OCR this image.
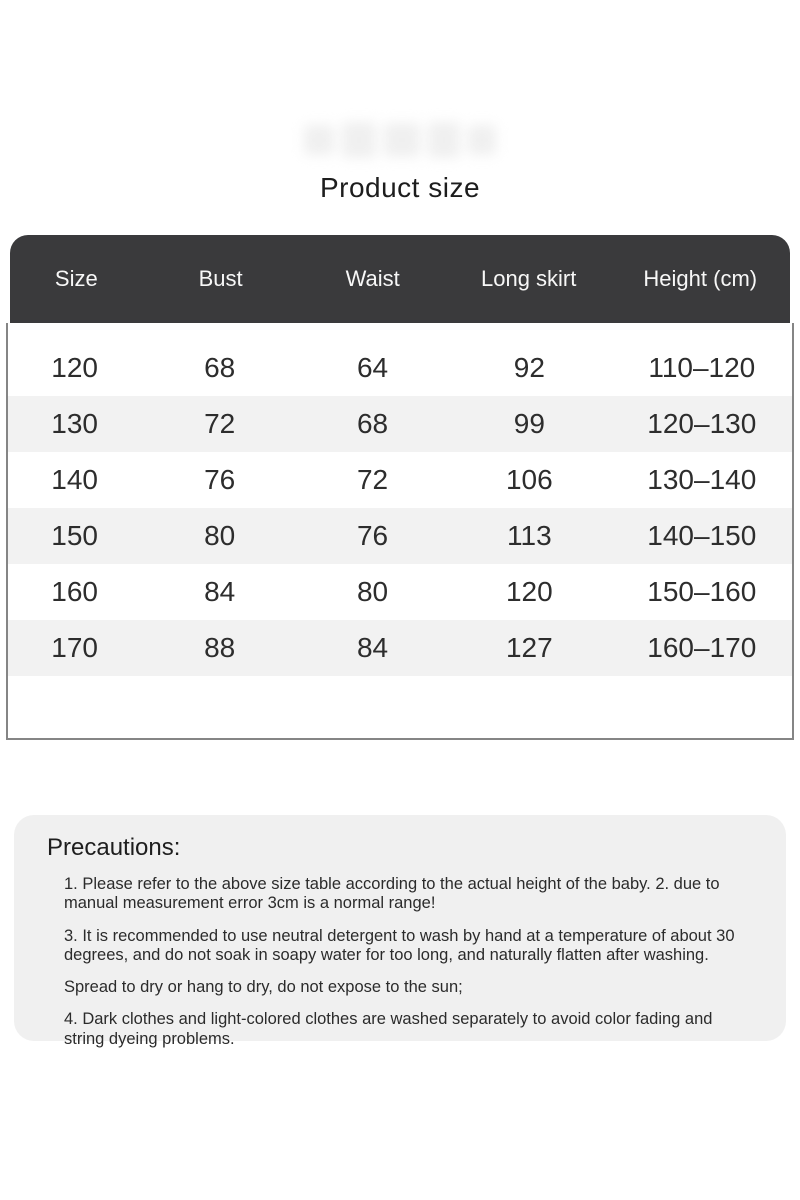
Product size
Size	Bust	Waist	Long skirt	Height (cm)
120	68	64	92	110–120
130	72	68	99	120–130
140	76	72	106	130–140
150	80	76	113	140–150
160	84	80	120	150–160
170	88	84	127	160–170
Precautions:

1. Please refer to the above size table according to the actual height of the baby. 2. due to manual measurement error 3cm is a normal range!

3. It is recommended to use neutral detergent to wash by hand at a temperature of about 30 degrees, and do not soak in soapy water for too long, and naturally flatten after washing.

Spread to dry or hang to dry, do not expose to the sun;

4. Dark clothes and light-colored clothes are washed separately to avoid color fading and string dyeing problems.
